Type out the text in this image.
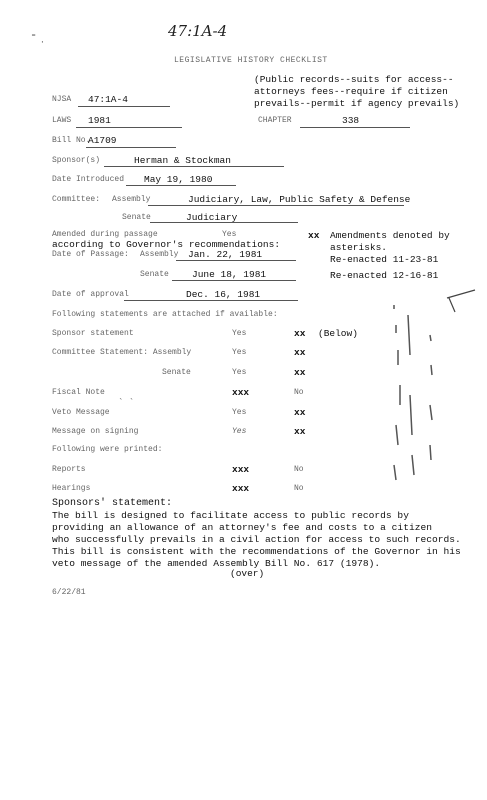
-
·
47:1A-4
LEGISLATIVE HISTORY CHECKLIST
(Public records--suits for access--
attorneys fees--require if citizen
prevails--permit if agency prevails)
NJSA 47:1A-4
LAWS 1981	CHAPTER	338
Bill No.
A1709
Sponsor(s)	Herman & Stockman
Date Introduced May 19, 1980
Committee: Assembly	Judiciary, Law, Public Safety & Defense
Senate	Judiciary
Amended during passage	Yes	xx
according to Governor's recommendations:
Amendments denoted by
asterisks.
Date of Passage: Assembly Jan. 22, 1981	Re-enacted 11-23-81
Senate June 18, 1981	Re-enacted 12-16-81
Date of approval	Dec. 16, 1981
Following statements are attached if available:
Sponsor statement	Yes	xx (Below)
Committee Statement: Assembly	Yes	xx
Senate	Yes	xx
Fiscal Note	xxx	No
Veto Message	Yes	xx
` `
Message on signing	Yes	xx
Following were printed:
Reports	xxx	No
Hearings	xxx	No
Sponsors' statement:
The bill is designed to facilitate access to public records by
providing an allowance of an attorney's fee and costs to a citizen
who successfully prevails in a civil action for access to such records.
This bill is consistent with the recommendations of the Governor in his
veto message of the amended Assembly Bill No. 617 (1978).
(over)
6/22/81
